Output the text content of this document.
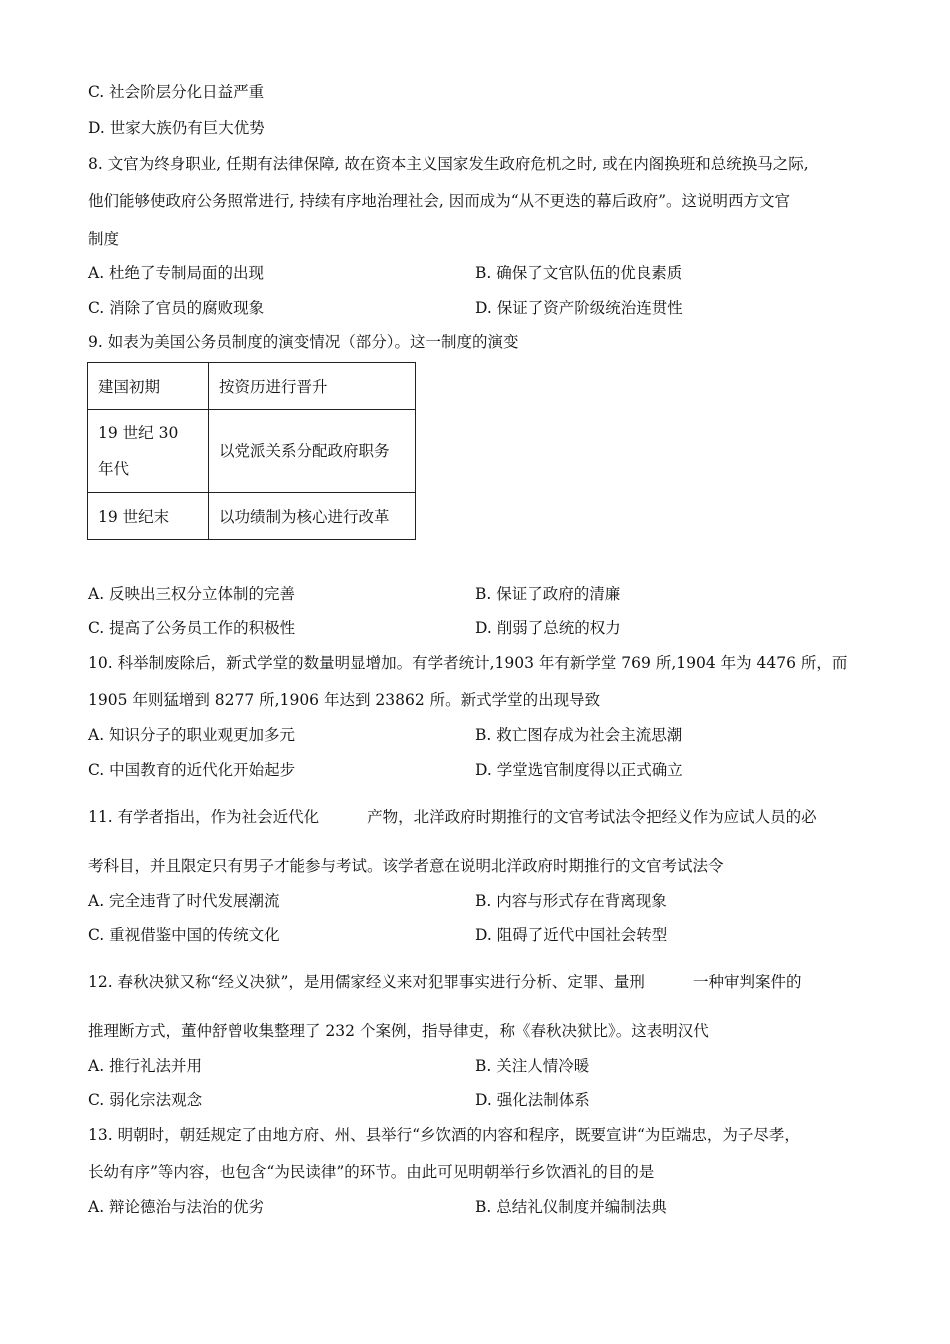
C. 社会阶层分化日益严重
D. 世家大族仍有巨大优势
8. 文官为终身职业, 任期有法律保障, 故在资本主义国家发生政府危机之时, 或在内阁换班和总统换马之际,
他们能够使政府公务照常进行, 持续有序地治理社会, 因而成为“从不更迭的幕后政府”。这说明西方文官
制度
A. 杜绝了专制局面的出现	B. 确保了文官队伍的优良素质
C. 消除了官员的腐败现象	D. 保证了资产阶级统治连贯性
9. 如表为美国公务员制度的演变情况（部分）。这一制度的演变
建国初期	按资历进行晋升
19 世纪 30 年代	以党派关系分配政府职务
19 世纪末	以功绩制为核心进行改革
A. 反映出三权分立体制的完善	B. 保证了政府的清廉
C. 提高了公务员工作的积极性	D. 削弱了总统的权力
10. 科举制废除后，新式学堂的数量明显增加。有学者统计,1903 年有新学堂 769 所,1904 年为 4476 所，而
1905 年则猛增到 8277 所,1906 年达到 23862 所。新式学堂的出现导致
A. 知识分子的职业观更加多元	B. 救亡图存成为社会主流思潮
C. 中国教育的近代化开始起步	D. 学堂选官制度得以正式确立
11. 有学者指出，作为社会近代化	产物，北洋政府时期推行的文官考试法令把经义作为应试人员的必
考科目，并且限定只有男子才能参与考试。该学者意在说明北洋政府时期推行的文官考试法令
A. 完全违背了时代发展潮流	B. 内容与形式存在背离现象
C. 重视借鉴中国的传统文化	D. 阻碍了近代中国社会转型
12. 春秋决狱又称“经义决狱”，是用儒家经义来对犯罪事实进行分析、定罪、量刑	一种审判案件的
推理断方式，董仲舒曾收集整理了 232 个案例，指导律吏，称《春秋决狱比》。这表明汉代
A. 推行礼法并用	B. 关注人情冷暖
C. 弱化宗法观念	D. 强化法制体系
13. 明朝时，朝廷规定了由地方府、州、县举行“乡饮酒的内容和程序，既要宣讲“为臣端忠，为子尽孝，
长幼有序”等内容，也包含“为民读律”的环节。由此可见明朝举行乡饮酒礼的目的是
A. 辩论德治与法治的优劣	B. 总结礼仪制度并编制法典
